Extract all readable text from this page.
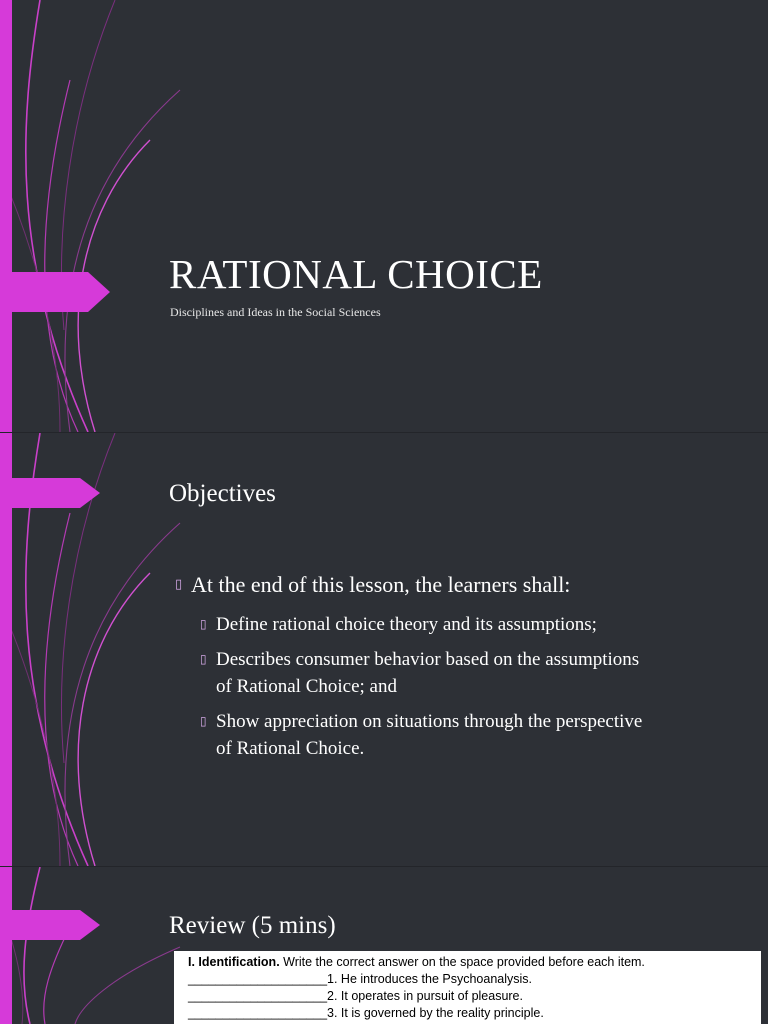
RATIONAL CHOICE
Disciplines and Ideas in the Social Sciences
Objectives
▯ At the end of this lesson, the learners shall:
▯ Define rational choice theory and its assumptions;
▯ Describes consumer behavior based on the assumptions
of Rational Choice; and
▯ Show appreciation on situations through the perspective
of Rational Choice.
Review (5 mins)
I. Identification. Write the correct answer on the space provided before each item.
____________________1. He introduces the Psychoanalysis.
____________________2. It operates in pursuit of pleasure.
____________________3. It is governed by the reality principle.
